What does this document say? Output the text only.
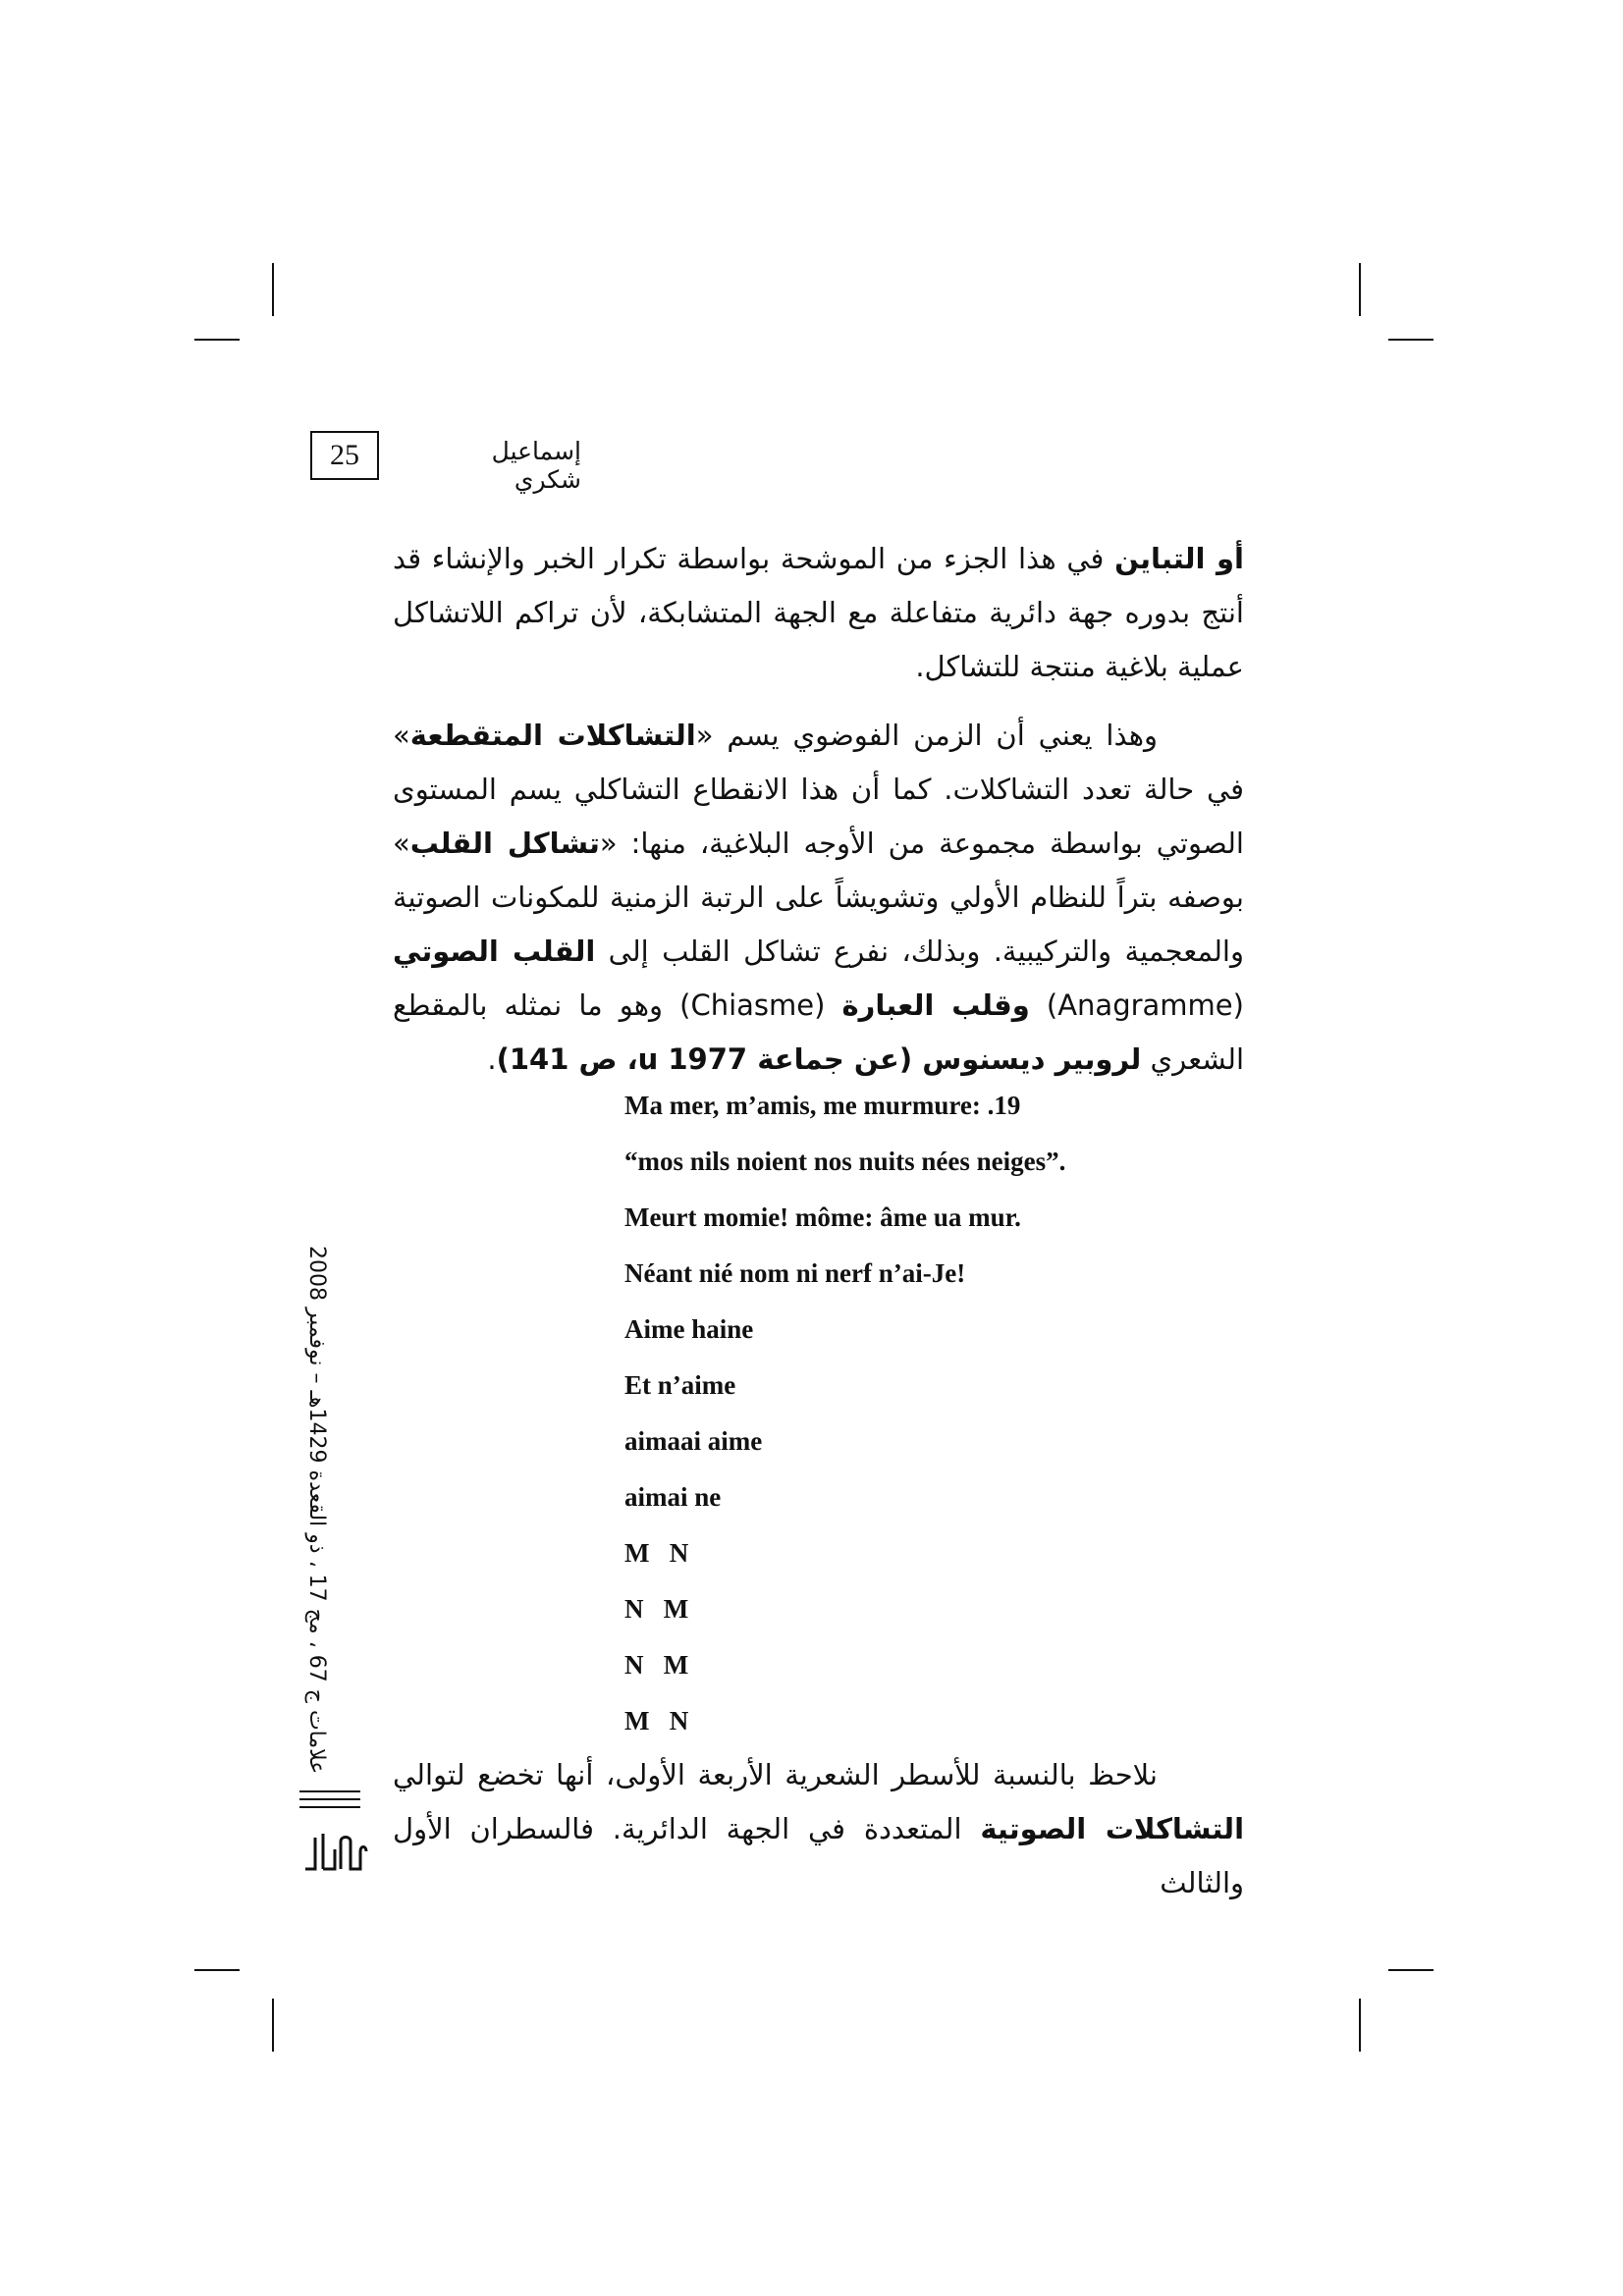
25	إسماعيل شكري

أو التباين في هذا الجزء من الموشحة بواسطة تكرار الخبر والإنشاء قد أنتج بدوره جهة دائرية متفاعلة مع الجهة المتشابكة، لأن تراكم اللاتشاكل عملية بلاغية منتجة للتشاكل.

وهذا يعني أن الزمن الفوضوي يسم «التشاكلات المتقطعة» في حالة تعدد التشاكلات. كما أن هذا الانقطاع التشاكلي يسم المستوى الصوتي بواسطة مجموعة من الأوجه البلاغية، منها: «تشاكل القلب» بوصفه بتراً للنظام الأولي وتشويشاً على الرتبة الزمنية للمكونات الصوتية والمعجمية والتركيبية. وبذلك، نفرع تشاكل القلب إلى القلب الصوتي (Anagramme) وقلب العبارة (Chiasme) وهو ما نمثله بالمقطع الشعري لروبير ديسنوس (عن جماعة u 1977، ص 141).

Ma mer, m’amis, me murmure: .19
“mos nils noient nos nuits nées neiges”.
Meurt momie! môme: âme ua mur.
Néant nié nom ni nerf n’ai-Je!
Aime haine
Et n’aime
aimaai aime
aimai ne
M   N
N   M
N   M
M   N

نلاحظ بالنسبة للأسطر الشعرية الأربعة الأولى، أنها تخضع لتوالي التشاكلات الصوتية المتعددة في الجهة الدائرية. فالسطران الأول والثالث

علامات ج 67 ، مج 17 ، ذو القعدة 1429هـ – نوفمبر 2008
